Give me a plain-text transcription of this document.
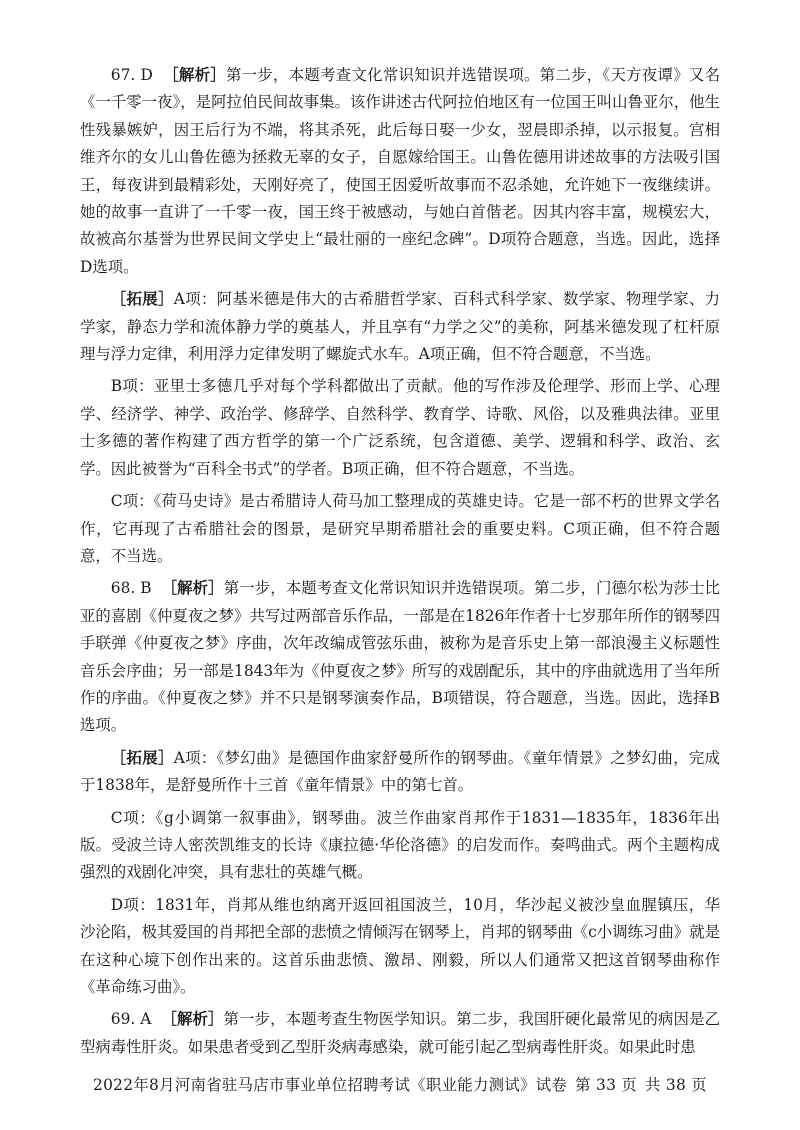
67. D ［解析］第一步，本题考查文化常识知识并选错误项。第二步，《天方夜谭》又名《一千零一夜》，是阿拉伯民间故事集。该作讲述古代阿拉伯地区有一位国王叫山鲁亚尔，他生性残暴嫉妒，因王后行为不端，将其杀死，此后每日娶一少女，翌晨即杀掉，以示报复。宫相维齐尔的女儿山鲁佐德为拯救无辜的女子，自愿嫁给国王。山鲁佐德用讲述故事的方法吸引国王，每夜讲到最精彩处，天刚好亮了，使国王因爱听故事而不忍杀她，允许她下一夜继续讲。她的故事一直讲了一千零一夜，国王终于被感动，与她白首偕老。因其内容丰富，规模宏大，故被高尔基誉为世界民间文学史上“最壮丽的一座纪念碑”。D项符合题意，当选。因此，选择D选项。

［拓展］A项：阿基米德是伟大的古希腊哲学家、百科式科学家、数学家、物理学家、力学家，静态力学和流体静力学的奠基人，并且享有“力学之父”的美称，阿基米德发现了杠杆原理与浮力定律，利用浮力定律发明了螺旋式水车。A项正确，但不符合题意，不当选。

B项：亚里士多德几乎对每个学科都做出了贡献。他的写作涉及伦理学、形而上学、心理学、经济学、神学、政治学、修辞学、自然科学、教育学、诗歌、风俗，以及雅典法律。亚里士多德的著作构建了西方哲学的第一个广泛系统，包含道德、美学、逻辑和科学、政治、玄学。因此被誉为“百科全书式”的学者。B项正确，但不符合题意，不当选。

C项：《荷马史诗》是古希腊诗人荷马加工整理成的英雄史诗。它是一部不朽的世界文学名作，它再现了古希腊社会的图景，是研究早期希腊社会的重要史料。C项正确，但不符合题意，不当选。

68. B ［解析］第一步，本题考查文化常识知识并选错误项。第二步，门德尔松为莎士比亚的喜剧《仲夏夜之梦》共写过两部音乐作品，一部是在1826年作者十七岁那年所作的钢琴四手联弹《仲夏夜之梦》序曲，次年改编成管弦乐曲，被称为是音乐史上第一部浪漫主义标题性音乐会序曲；另一部是1843年为《仲夏夜之梦》所写的戏剧配乐，其中的序曲就选用了当年所作的序曲。《仲夏夜之梦》并不只是钢琴演奏作品，B项错误，符合题意，当选。因此，选择B选项。

［拓展］A项：《梦幻曲》是德国作曲家舒曼所作的钢琴曲。《童年情景》之梦幻曲，完成于1838年，是舒曼所作十三首《童年情景》中的第七首。

C项：《g小调第一叙事曲》，钢琴曲。波兰作曲家肖邦作于1831—1835年，1836年出版。受波兰诗人密茨凯维支的长诗《康拉德·华伦洛德》的启发而作。奏鸣曲式。两个主题构成强烈的戏剧化冲突，具有悲壮的英雄气概。

D项：1831年，肖邦从维也纳离开返回祖国波兰，10月，华沙起义被沙皇血腥镇压，华沙沦陷，极其爱国的肖邦把全部的悲愤之情倾泻在钢琴上，肖邦的钢琴曲《c小调练习曲》就是在这种心境下创作出来的。这首乐曲悲愤、激昂、刚毅，所以人们通常又把这首钢琴曲称作《革命练习曲》。

69. A ［解析］第一步，本题考查生物医学知识。第二步，我国肝硬化最常见的病因是乙型病毒性肝炎。如果患者受到乙型肝炎病毒感染，就可能引起乙型病毒性肝炎。如果此时患

2022年8月河南省驻马店市事业单位招聘考试《职业能力测试》试卷 第 33 页 共 38 页
